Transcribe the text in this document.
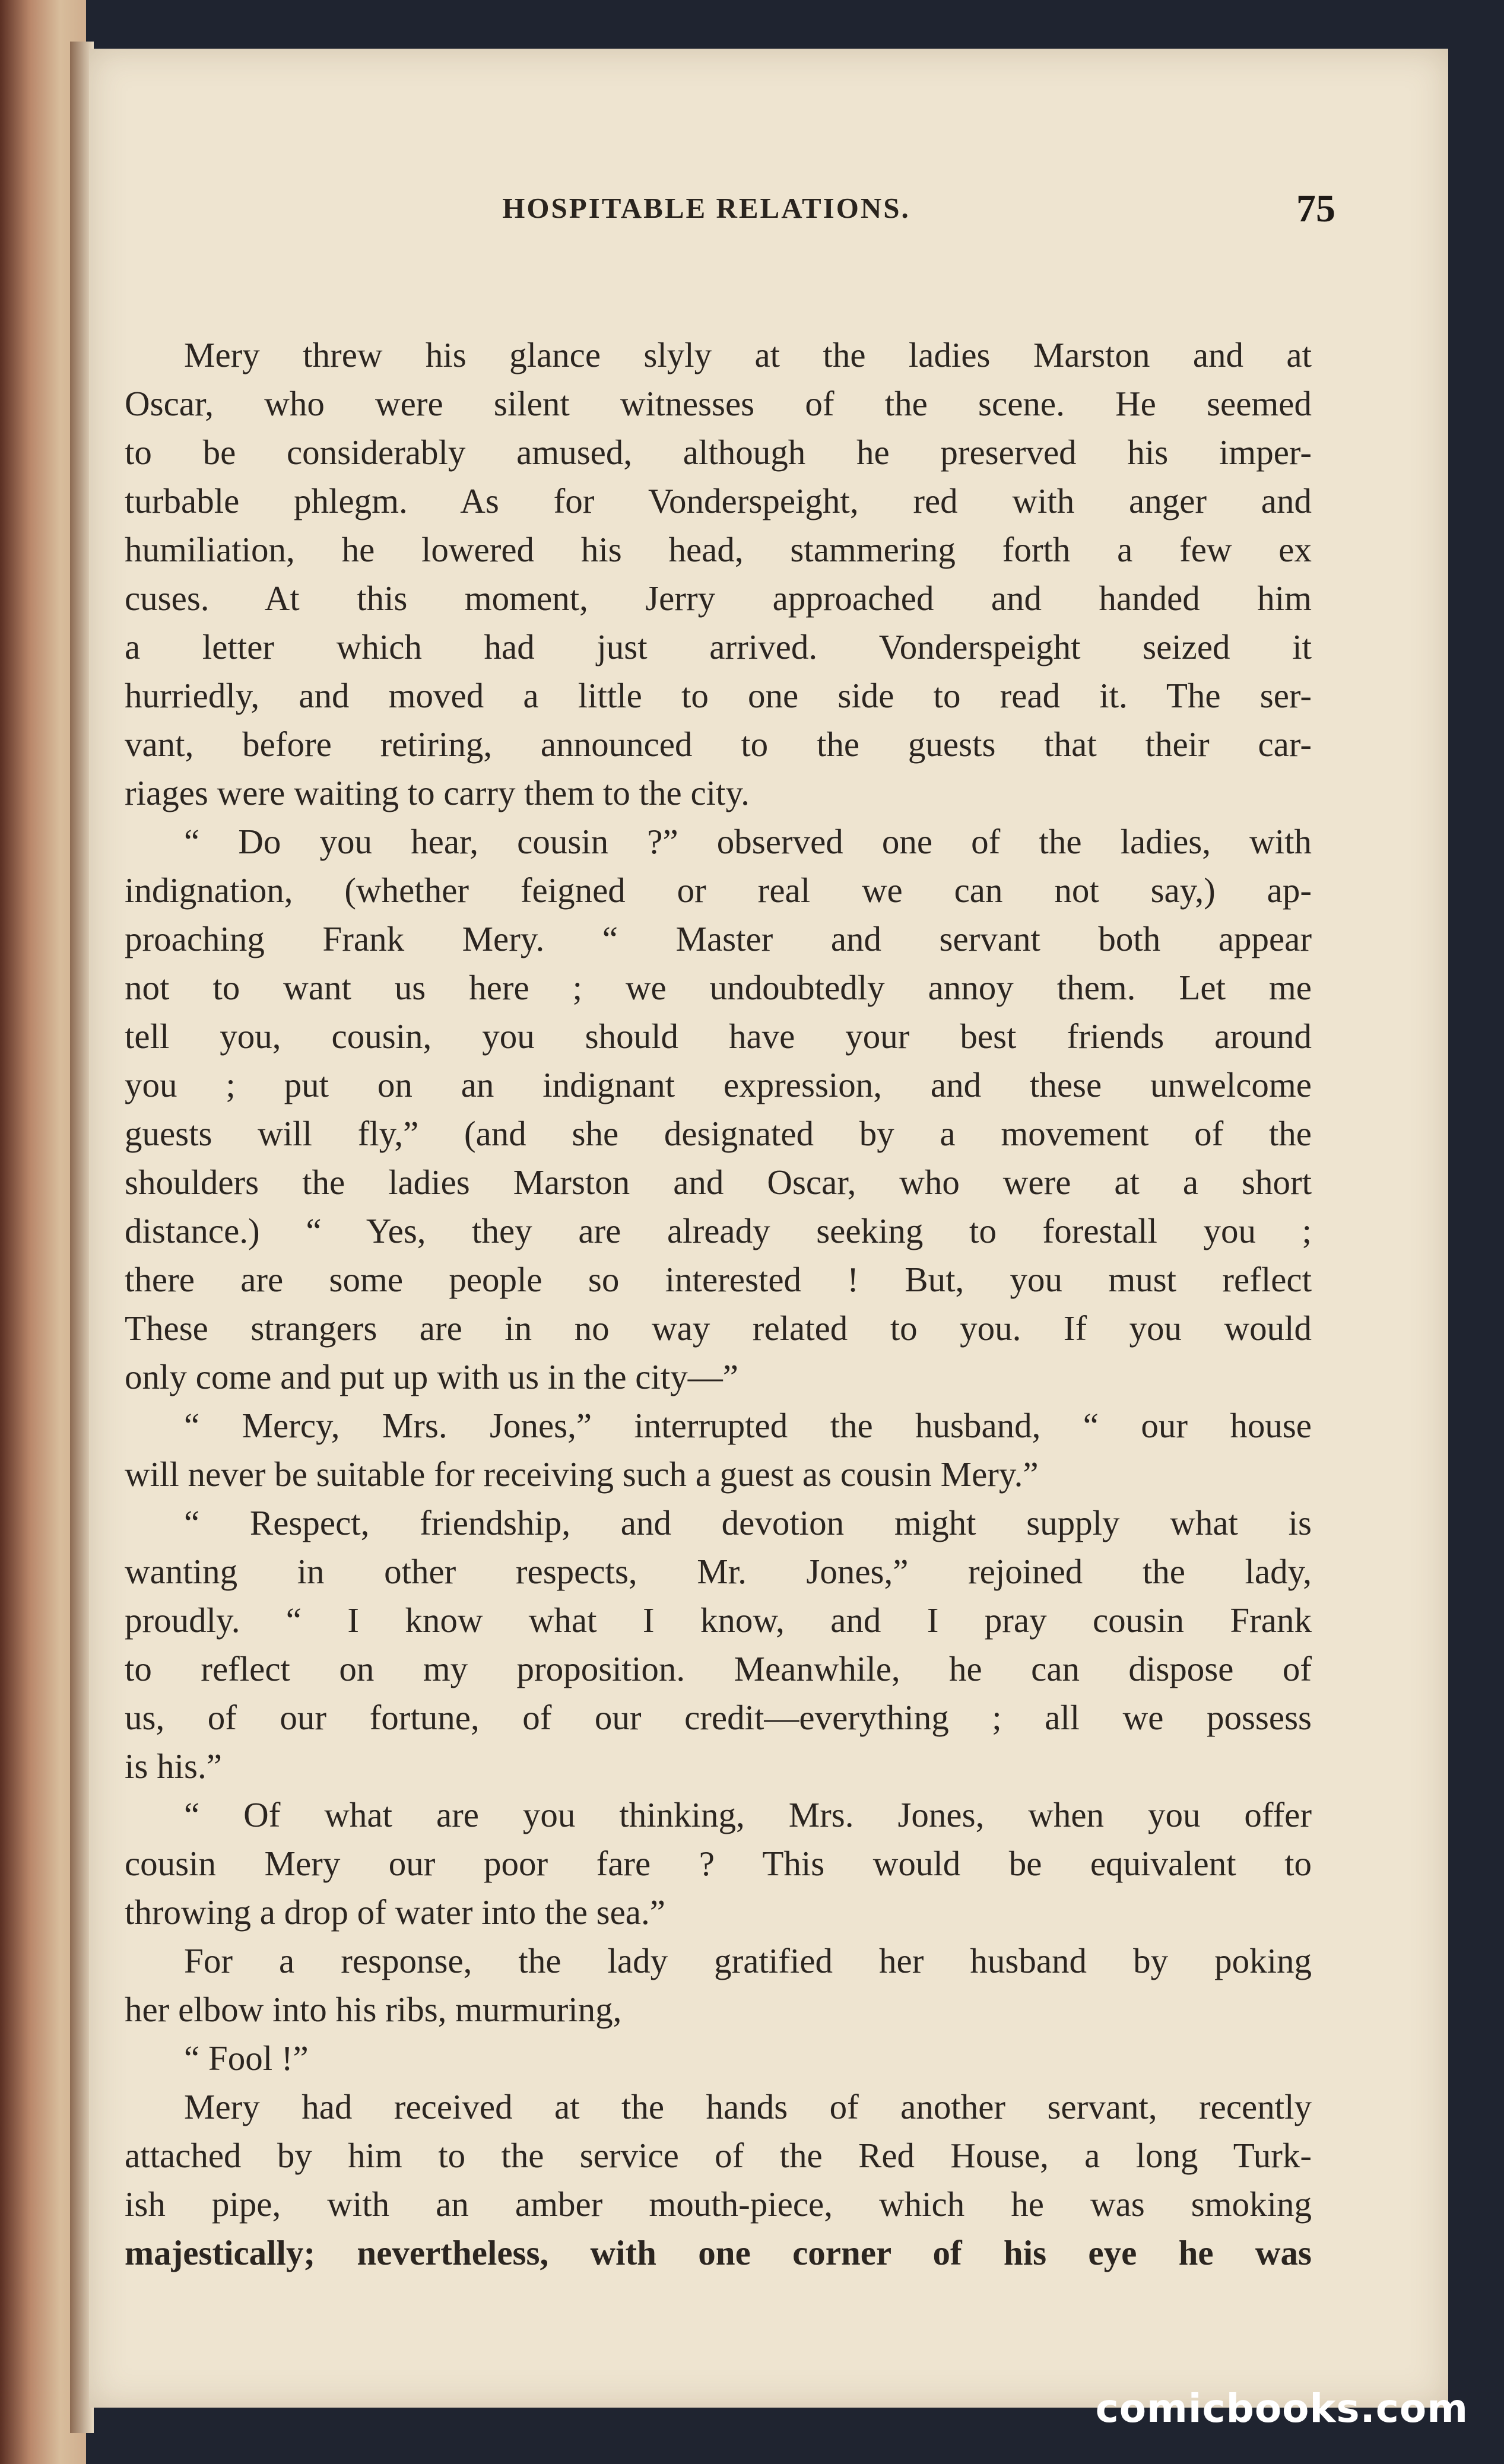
HOSPITABLE RELATIONS.	75
Mery threw his glance slyly at the ladies Marston and at
Oscar, who were silent witnesses of the scene. He seemed
to be considerably amused, although he preserved his imper-
turbable phlegm. As for Vonderspeight, red with anger and
humiliation, he lowered his head, stammering forth a few ex
cuses. At this moment, Jerry approached and handed him
a letter which had just arrived. Vonderspeight seized it
hurriedly, and moved a little to one side to read it. The ser-
vant, before retiring, announced to the guests that their car-
riages were waiting to carry them to the city.
“ Do you hear, cousin ?” observed one of the ladies, with
indignation, (whether feigned or real we can not say,) ap-
proaching Frank Mery. “ Master and servant both appear
not to want us here ; we undoubtedly annoy them. Let me
tell you, cousin, you should have your best friends around
you ; put on an indignant expression, and these unwelcome
guests will fly,” (and she designated by a movement of the
shoulders the ladies Marston and Oscar, who were at a short
distance.) “ Yes, they are already seeking to forestall you ;
there are some people so interested ! But, you must reflect
These strangers are in no way related to you. If you would
only come and put up with us in the city—”
“ Mercy, Mrs. Jones,” interrupted the husband, “ our house
will never be suitable for receiving such a guest as cousin Mery.”
“ Respect, friendship, and devotion might supply what is
wanting in other respects, Mr. Jones,” rejoined the lady,
proudly. “ I know what I know, and I pray cousin Frank
to reflect on my proposition. Meanwhile, he can dispose of
us, of our fortune, of our credit—everything ; all we possess
is his.”
“ Of what are you thinking, Mrs. Jones, when you offer
cousin Mery our poor fare ? This would be equivalent to
throwing a drop of water into the sea.”
For a response, the lady gratified her husband by poking
her elbow into his ribs, murmuring,
“ Fool !”
Mery had received at the hands of another servant, recently
attached by him to the service of the Red House, a long Turk-
ish pipe, with an amber mouth-piece, which he was smoking
majestically; nevertheless, with one corner of his eye he was
comicbooks.com
